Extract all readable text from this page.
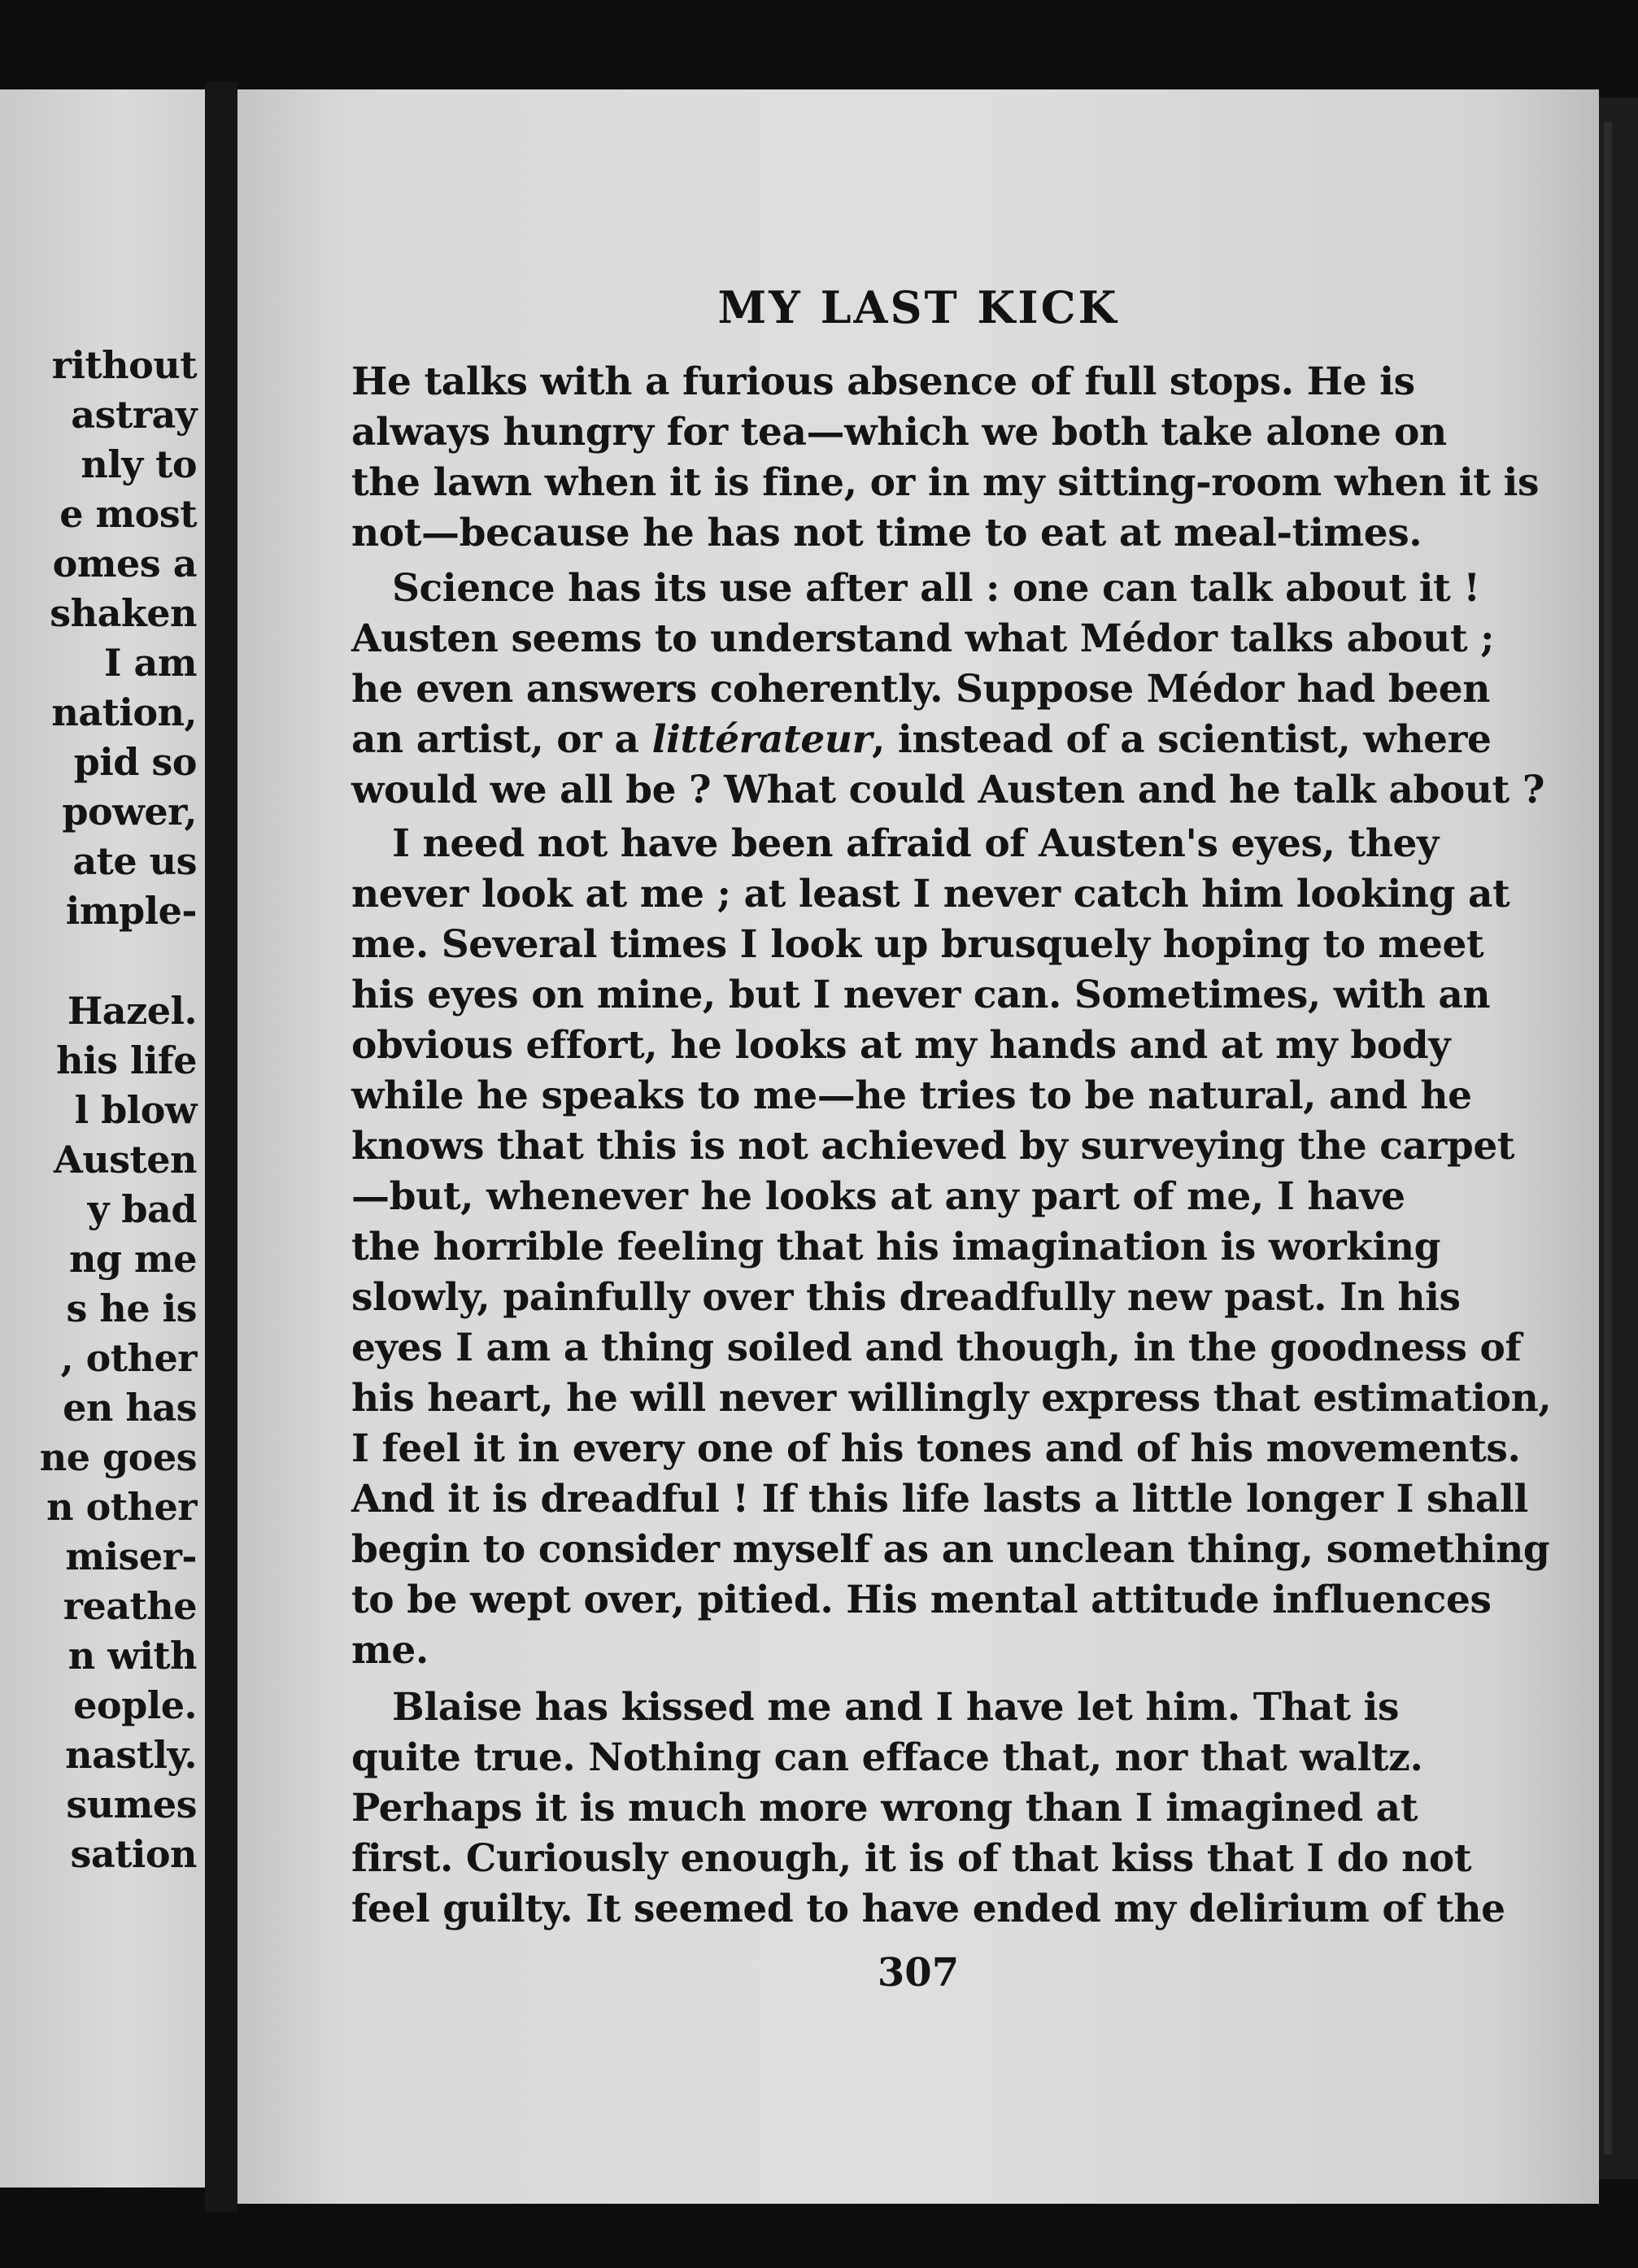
rithout
astray
nly to
e most
omes a
shaken
I am
nation,
pid so
power,
ate us
imple-
Hazel.
his life
l blow
Austen
y bad
ng me
s he is
, other
en has
ne goes
n other
miser-
reathe
n with
eople.
nastly.
sumes
sation
MY LAST KICK
He talks with a furious absence of full stops. He is
always hungry for tea—which we both take alone on
the lawn when it is fine, or in my sitting-room when it is
not—because he has not time to eat at meal-times.
Science has its use after all : one can talk about it !
Austen seems to understand what Médor talks about ;
he even answers coherently. Suppose Médor had been
an artist, or a littérateur, instead of a scientist, where
would we all be ? What could Austen and he talk about ?
I need not have been afraid of Austen's eyes, they
never look at me ; at least I never catch him looking at
me. Several times I look up brusquely hoping to meet
his eyes on mine, but I never can. Sometimes, with an
obvious effort, he looks at my hands and at my body
while he speaks to me—he tries to be natural, and he
knows that this is not achieved by surveying the carpet
—but, whenever he looks at any part of me, I have
the horrible feeling that his imagination is working
slowly, painfully over this dreadfully new past. In his
eyes I am a thing soiled and though, in the goodness of
his heart, he will never willingly express that estimation,
I feel it in every one of his tones and of his movements.
And it is dreadful ! If this life lasts a little longer I shall
begin to consider myself as an unclean thing, something
to be wept over, pitied. His mental attitude influences
me.
Blaise has kissed me and I have let him. That is
quite true. Nothing can efface that, nor that waltz.
Perhaps it is much more wrong than I imagined at
first. Curiously enough, it is of that kiss that I do not
feel guilty. It seemed to have ended my delirium of the
307
